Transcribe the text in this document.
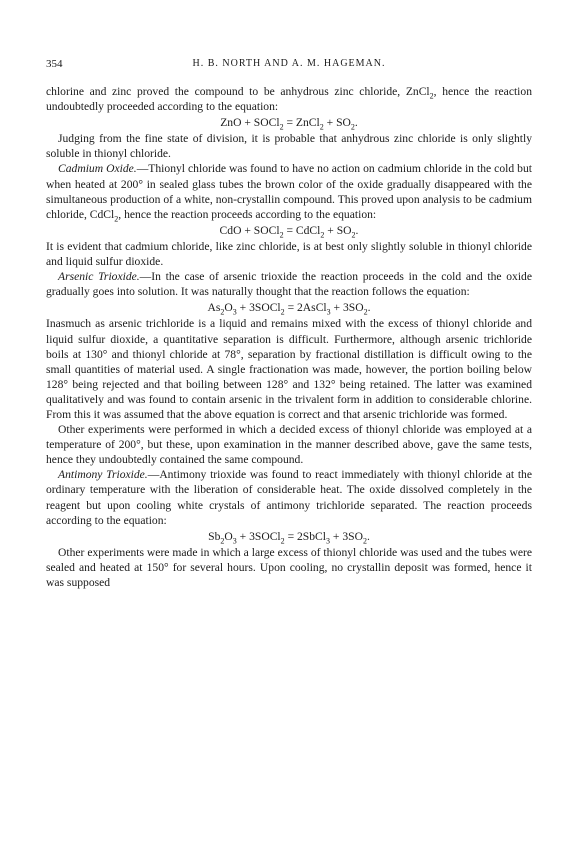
354	H. B. NORTH AND A. M. HAGEMAN.

chlorine and zinc proved the compound to be anhydrous zinc chloride, ZnCl$_2$, hence the reaction undoubtedly proceeded according to the equation:

ZnO + SOCl$_2$ = ZnCl$_2$ + $SO_2$.

Judging from the fine state of division, it is probable that anhydrous zinc chloride is only slightly soluble in thionyl chloride.

Cadmium Oxide.—Thionyl chloride was found to have no action on cadmium chloride in the cold but when heated at 200° in sealed glass tubes the brown color of the oxide gradually disappeared with the simultaneous production of a white, non-crystallin compound. This proved upon analysis to be cadmium chloride, CdCl$_2$, hence the reaction proceeds according to the equation:

CdO + SOCl$_2$ = CdCl$_2$ + $SO_2$.

It is evident that cadmium chloride, like zinc chloride, is at best only slightly soluble in thionyl chloride and liquid sulfur dioxide.

Arsenic Trioxide.—In the case of arsenic trioxide the reaction proceeds in the cold and the oxide gradually goes into solution. It was naturally thought that the reaction follows the equation:

$As_2O_3$ + 3SOCl$_2$ = 2AsCl$_3$ + $3SO_2$.

Inasmuch as arsenic trichloride is a liquid and remains mixed with the excess of thionyl chloride and liquid sulfur dioxide, a quantitative separation is difficult. Furthermore, although arsenic trichloride boils at 130° and thionyl chloride at 78°, separation by fractional distillation is difficult owing to the small quantities of material used. A single fractionation was made, however, the portion boiling below 128° being rejected and that boiling between 128° and 132° being retained. The latter was examined qualitatively and was found to contain arsenic in the trivalent form in addition to considerable chlorine. From this it was assumed that the above equation is correct and that arsenic trichloride was formed.

Other experiments were performed in which a decided excess of thionyl chloride was employed at a temperature of 200°, but these, upon examination in the manner described above, gave the same tests, hence they undoubtedly contained the same compound.

Antimony Trioxide.—Antimony trioxide was found to react immediately with thionyl chloride at the ordinary temperature with the liberation of considerable heat. The oxide dissolved completely in the reagent but upon cooling white crystals of antimony trichloride separated. The reaction proceeds according to the equation:

$Sb_2O_3$ + 3SOCl$_2$ = 2SbCl$_3$ + $3SO_2$.

Other experiments were made in which a large excess of thionyl chloride was used and the tubes were sealed and heated at 150° for several hours. Upon cooling, no crystallin deposit was formed, hence it was supposed
